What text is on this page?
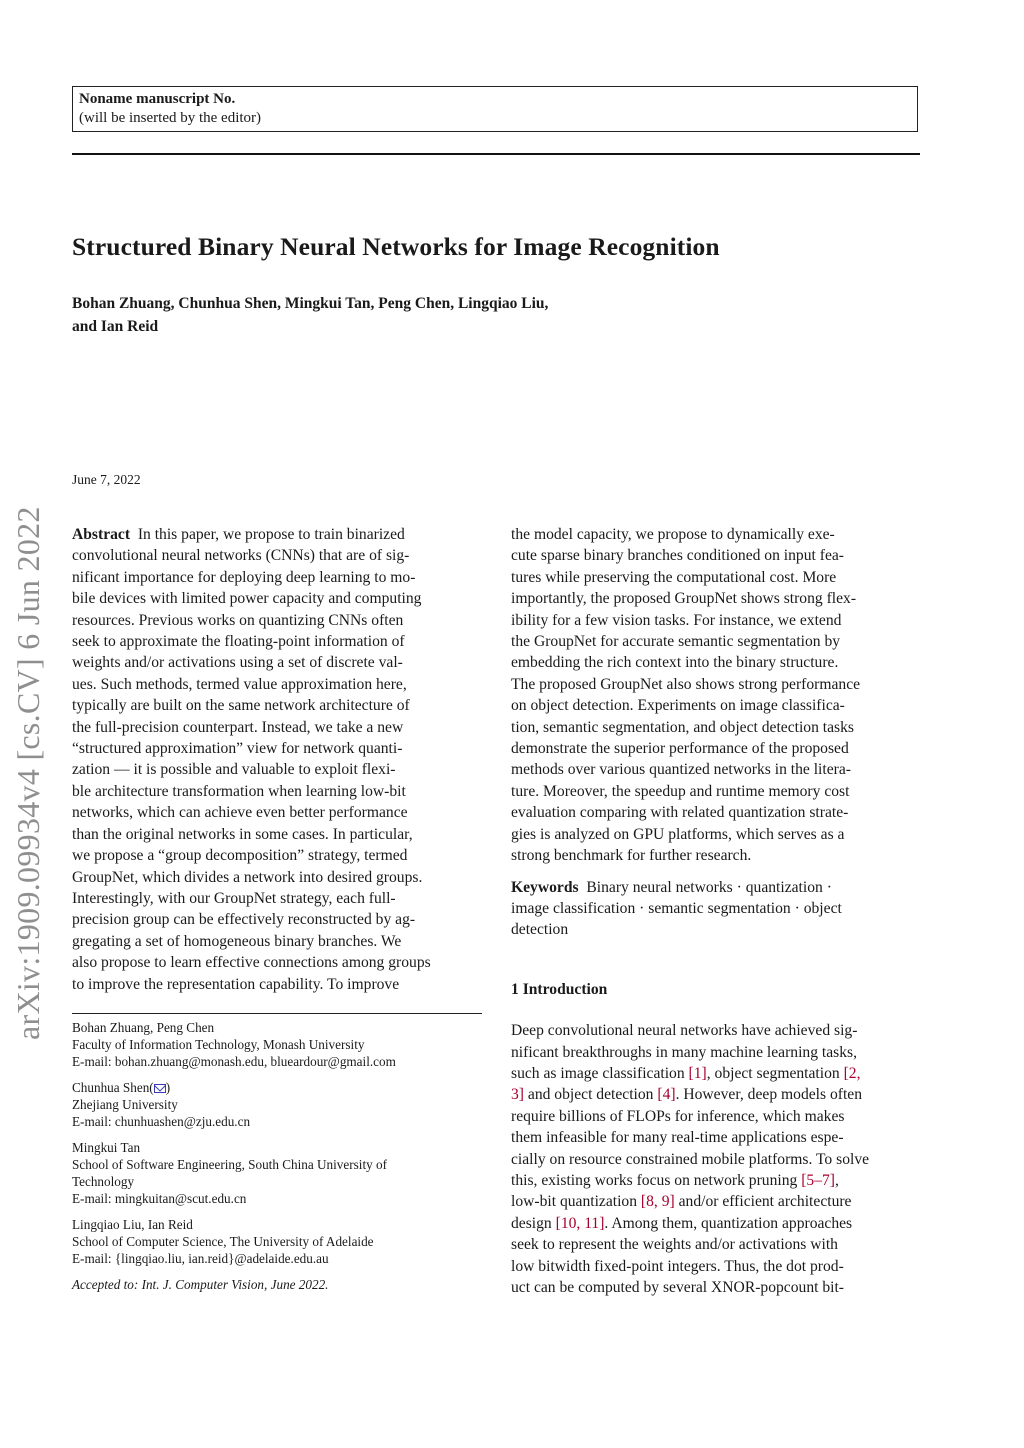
Noname manuscript No.
(will be inserted by the editor)
Structured Binary Neural Networks for Image Recognition
Bohan Zhuang, Chunhua Shen, Mingkui Tan, Peng Chen, Lingqiao Liu,
and Ian Reid
arXiv:1909.09934v4 [cs.CV] 6 Jun 2022
June 7, 2022

Abstract In this paper, we propose to train binarized

convolutional neural networks (CNNs) that are of sig-

nificant importance for deploying deep learning to mo-

bile devices with limited power capacity and computing

resources. Previous works on quantizing CNNs often

seek to approximate the floating-point information of

weights and/or activations using a set of discrete val-

ues. Such methods, termed value approximation here,

typically are built on the same network architecture of

the full-precision counterpart. Instead, we take a new

“structured approximation” view for network quanti-

zation — it is possible and valuable to exploit flexi-

ble architecture transformation when learning low-bit

networks, which can achieve even better performance

than the original networks in some cases. In particular,

we propose a “group decomposition” strategy, termed

GroupNet, which divides a network into desired groups.

Interestingly, with our GroupNet strategy, each full-

precision group can be effectively reconstructed by ag-

gregating a set of homogeneous binary branches. We

also propose to learn effective connections among groups

to improve the representation capability. To improve

Bohan Zhuang, Peng Chen
Faculty of Information Technology, Monash University
E-mail: bohan.zhuang@monash.edu, blueardour@gmail.com
Chunhua Shen( )
Zhejiang University
E-mail: chunhuashen@zju.edu.cn
Mingkui Tan
School of Software Engineering, South China University of
Technology
E-mail: mingkuitan@scut.edu.cn
Lingqiao Liu, Ian Reid
School of Computer Science, The University of Adelaide
E-mail: {lingqiao.liu, ian.reid}@adelaide.edu.au
Accepted to: Int. J. Computer Vision, June 2022.

the model capacity, we propose to dynamically exe-

cute sparse binary branches conditioned on input fea-

tures while preserving the computational cost. More

importantly, the proposed GroupNet shows strong flex-

ibility for a few vision tasks. For instance, we extend

the GroupNet for accurate semantic segmentation by

embedding the rich context into the binary structure.

The proposed GroupNet also shows strong performance

on object detection. Experiments on image classifica-

tion, semantic segmentation, and object detection tasks

demonstrate the superior performance of the proposed

methods over various quantized networks in the litera-

ture. Moreover, the speedup and runtime memory cost

evaluation comparing with related quantization strate-

gies is analyzed on GPU platforms, which serves as a

strong benchmark for further research.

Keywords Binary neural networks · quantization ·

image classification · semantic segmentation · object

detection

1 Introduction

Deep convolutional neural networks have achieved sig-

nificant breakthroughs in many machine learning tasks,

such as image classification [1], object segmentation [2,

3] and object detection [4]. However, deep models often

require billions of FLOPs for inference, which makes

them infeasible for many real-time applications espe-

cially on resource constrained mobile platforms. To solve

this, existing works focus on network pruning [5–7],

low-bit quantization [8, 9] and/or efficient architecture

design [10, 11]. Among them, quantization approaches

seek to represent the weights and/or activations with

low bitwidth fixed-point integers. Thus, the dot prod-

uct can be computed by several XNOR-popcount bit-
